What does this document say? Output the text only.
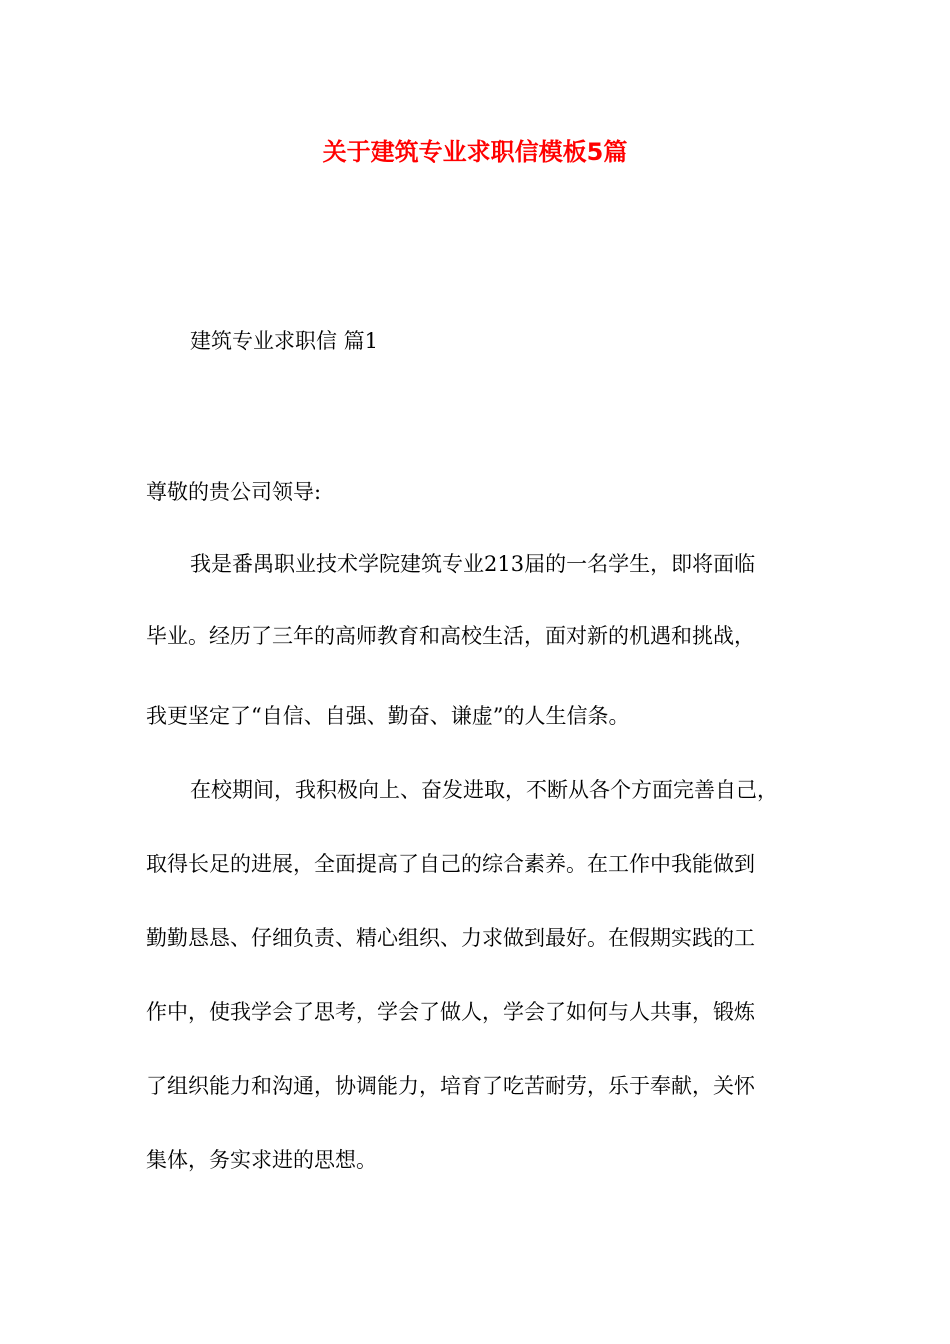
关于建筑专业求职信模板5篇
建筑专业求职信 篇1
尊敬的贵公司领导:
我是番禺职业技术学院建筑专业213届的一名学生，即将面临
毕业。经历了三年的高师教育和高校生活，面对新的机遇和挑战，
我更坚定了“自信、自强、勤奋、谦虚”的人生信条。
在校期间，我积极向上、奋发进取，不断从各个方面完善自己，
取得长足的进展，全面提高了自己的综合素养。在工作中我能做到
勤勤恳恳、仔细负责、精心组织、力求做到最好。在假期实践的工
作中，使我学会了思考，学会了做人，学会了如何与人共事，锻炼
了组织能力和沟通，协调能力，培育了吃苦耐劳，乐于奉献，关怀
集体，务实求进的思想。
